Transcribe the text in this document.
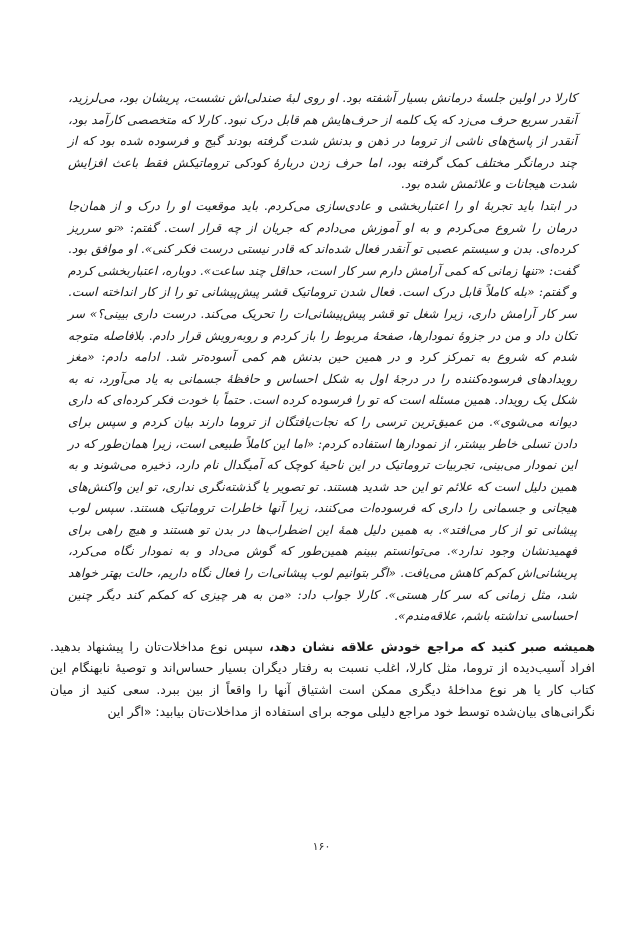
کارلا در اولین جلسهٔ درمانش بسیار آشفته بود. او روی لبهٔ صندلی‌اش نشست، پریشان بود، می‌لرزید، آنقدر سریع حرف می‌زد که یک کلمه از حرف‌هایش هم قابل درک نبود. کارلا که متخصصی کارآمد بود، آنقدر از پاسخ‌های ناشی از تروما در ذهن و بدنش شدت گرفته بودند گیج و فرسوده شده بود که از چند درمانگر مختلف کمک گرفته بود، اما حرف زدن دربارهٔ کودکی تروماتیکش فقط باعث افزایش شدت هیجانات و علائمش شده بود.

در ابتدا باید تجربهٔ او را اعتباربخشی و عادی‌سازی می‌کردم. باید موقعیت او را درک و از همان‌جا درمان را شروع می‌کردم و به او آموزش می‌دادم که جریان از چه قرار است. گفتم: «تو سرریز کرده‌ای. بدن و سیستم عصبی تو آنقدر فعال شده‌اند که قادر نیستی درست فکر کنی». او موافق بود. گفت: «تنها زمانی که کمی آرامش دارم سر کار است، حداقل چند ساعت». دوباره، اعتباربخشی کردم و گفتم: «بله کاملاً قابل درک است. فعال شدن تروماتیک قشر پیش‌پیشانی تو را از کار انداخته است. سر کار آرامش داری، زیرا شغل تو قشر پیش‌پیشانی‌ات را تحریک می‌کند. درست داری بیینی؟» سر تکان داد و من در جزوهٔ نمودارها، صفحهٔ مربوط را باز کردم و روبه‌رویش قرار دادم. بلافاصله متوجه شدم که شروع به تمرکز کرد و در همین حین بدنش هم کمی آسوده‌تر شد. ادامه دادم: «مغز رویدادهای فرسوده‌کننده را در درجهٔ اول به شکل احساس و حافظهٔ جسمانی به یاد می‌آورد، نه به شکل یک رویداد. همین مسئله است که تو را فرسوده کرده است. حتماً با خودت فکر کرده‌ای که داری دیوانه می‌شوی». من عمیق‌ترین ترسی را که نجات‌یافتگان از تروما دارند بیان کردم و سپس برای دادن تسلی خاطر بیشتر، از نمودارها استفاده کردم: «اما این کاملاً طبیعی است، زیرا همان‌طور که در این نمودار می‌بینی، تجربیات تروماتیک در این ناحیهٔ کوچک که آمیگدال نام دارد، ذخیره می‌شوند و به همین دلیل است که علائم تو این حد شدید هستند. تو تصویر یا گذشته‌نگری نداری، تو این واکنش‌های هیجانی و جسمانی را داری که فرسوده‌ات می‌کنند، زیرا آنها خاطرات تروماتیک هستند. سپس لوب پیشانی تو از کار می‌افتد». به همین دلیل همهٔ این اضطراب‌ها در بدن تو هستند و هیچ راهی برای فهمیدنشان وجود ندارد». می‌توانستم ببینم همین‌طور که گوش می‌داد و به نمودار نگاه می‌کرد، پریشانی‌اش کم‌کم کاهش می‌یافت. «اگر بتوانیم لوب پیشانی‌ات را فعال نگاه داریم، حالت بهتر خواهد شد، مثل زمانی که سر کار هستی». کارلا جواب داد: «من به هر چیزی که کمکم کند دیگر چنین احساسی نداشته باشم، علاقه‌مندم».

همیشه صبر کنید که مراجع خودش علاقه نشان دهد، سپس نوع مداخلات‌تان را پیشنهاد بدهید. افراد آسیب‌دیده از تروما، مثل کارلا، اغلب نسبت به رفتار دیگران بسیار حساس‌اند و توصیهٔ نابهنگام این کتاب کار یا هر نوع مداخلهٔ دیگری ممکن است اشتیاق آنها را واقعاً از بین ببرد. سعی کنید از میان نگرانی‌های بیان‌شده توسط خود مراجع دلیلی موجه برای استفاده از مداخلات‌تان بیابید: «اگر این

۱۶۰
